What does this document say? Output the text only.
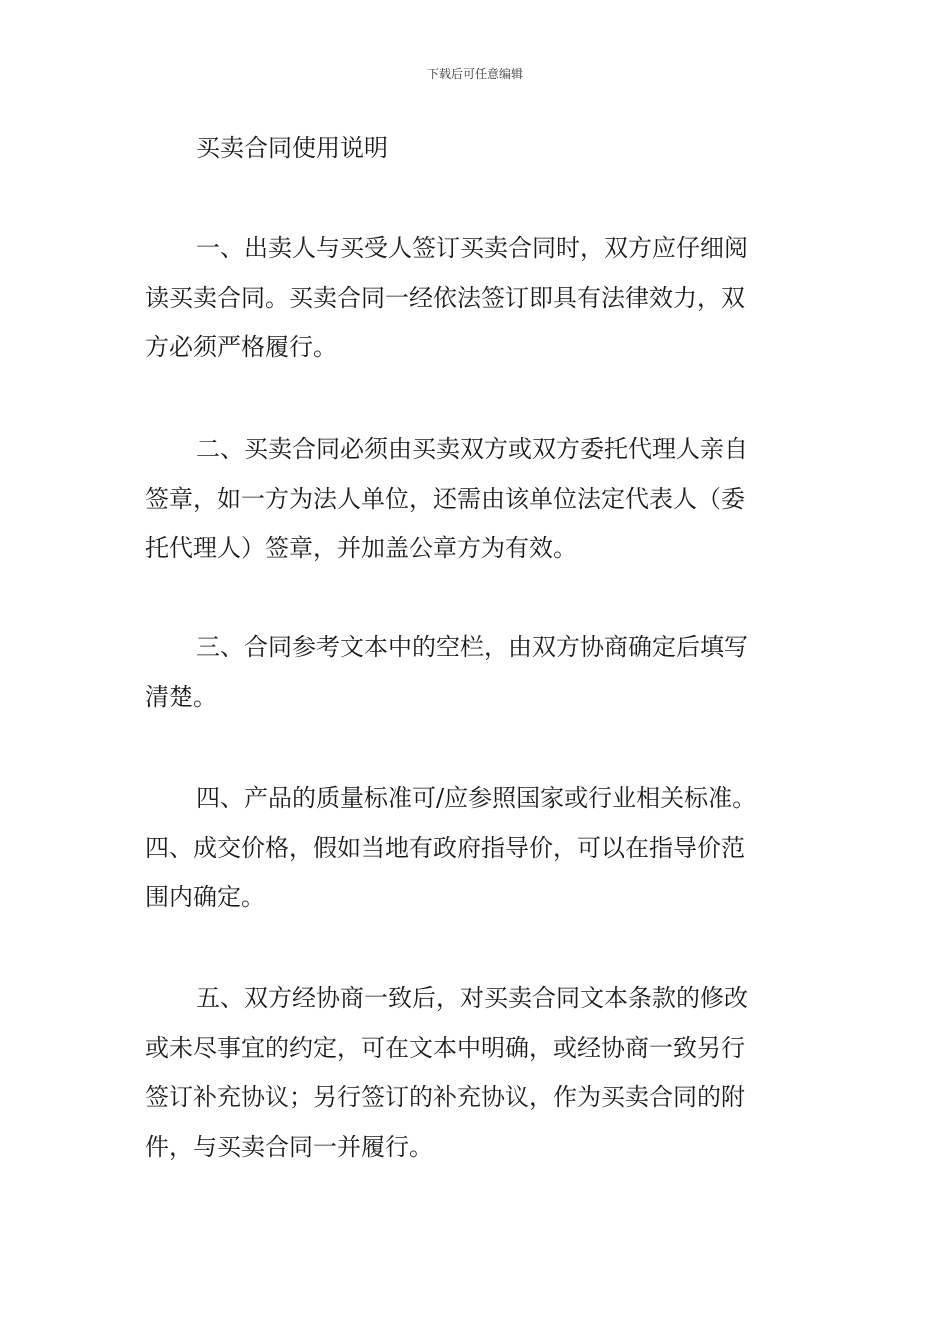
下载后可任意编辑
买卖合同使用说明
一、出卖人与买受人签订买卖合同时，双方应仔细阅
读买卖合同。买卖合同一经依法签订即具有法律效力，双
方必须严格履行。
二、买卖合同必须由买卖双方或双方委托代理人亲自
签章，如一方为法人单位，还需由该单位法定代表人（委
托代理人）签章，并加盖公章方为有效。
三、合同参考文本中的空栏，由双方协商确定后填写
清楚。
四、产品的质量标准可/应参照国家或行业相关标准。
四、成交价格，假如当地有政府指导价，可以在指导价范
围内确定。
五、双方经协商一致后，对买卖合同文本条款的修改
或未尽事宜的约定，可在文本中明确，或经协商一致另行
签订补充协议；另行签订的补充协议，作为买卖合同的附
件，与买卖合同一并履行。
